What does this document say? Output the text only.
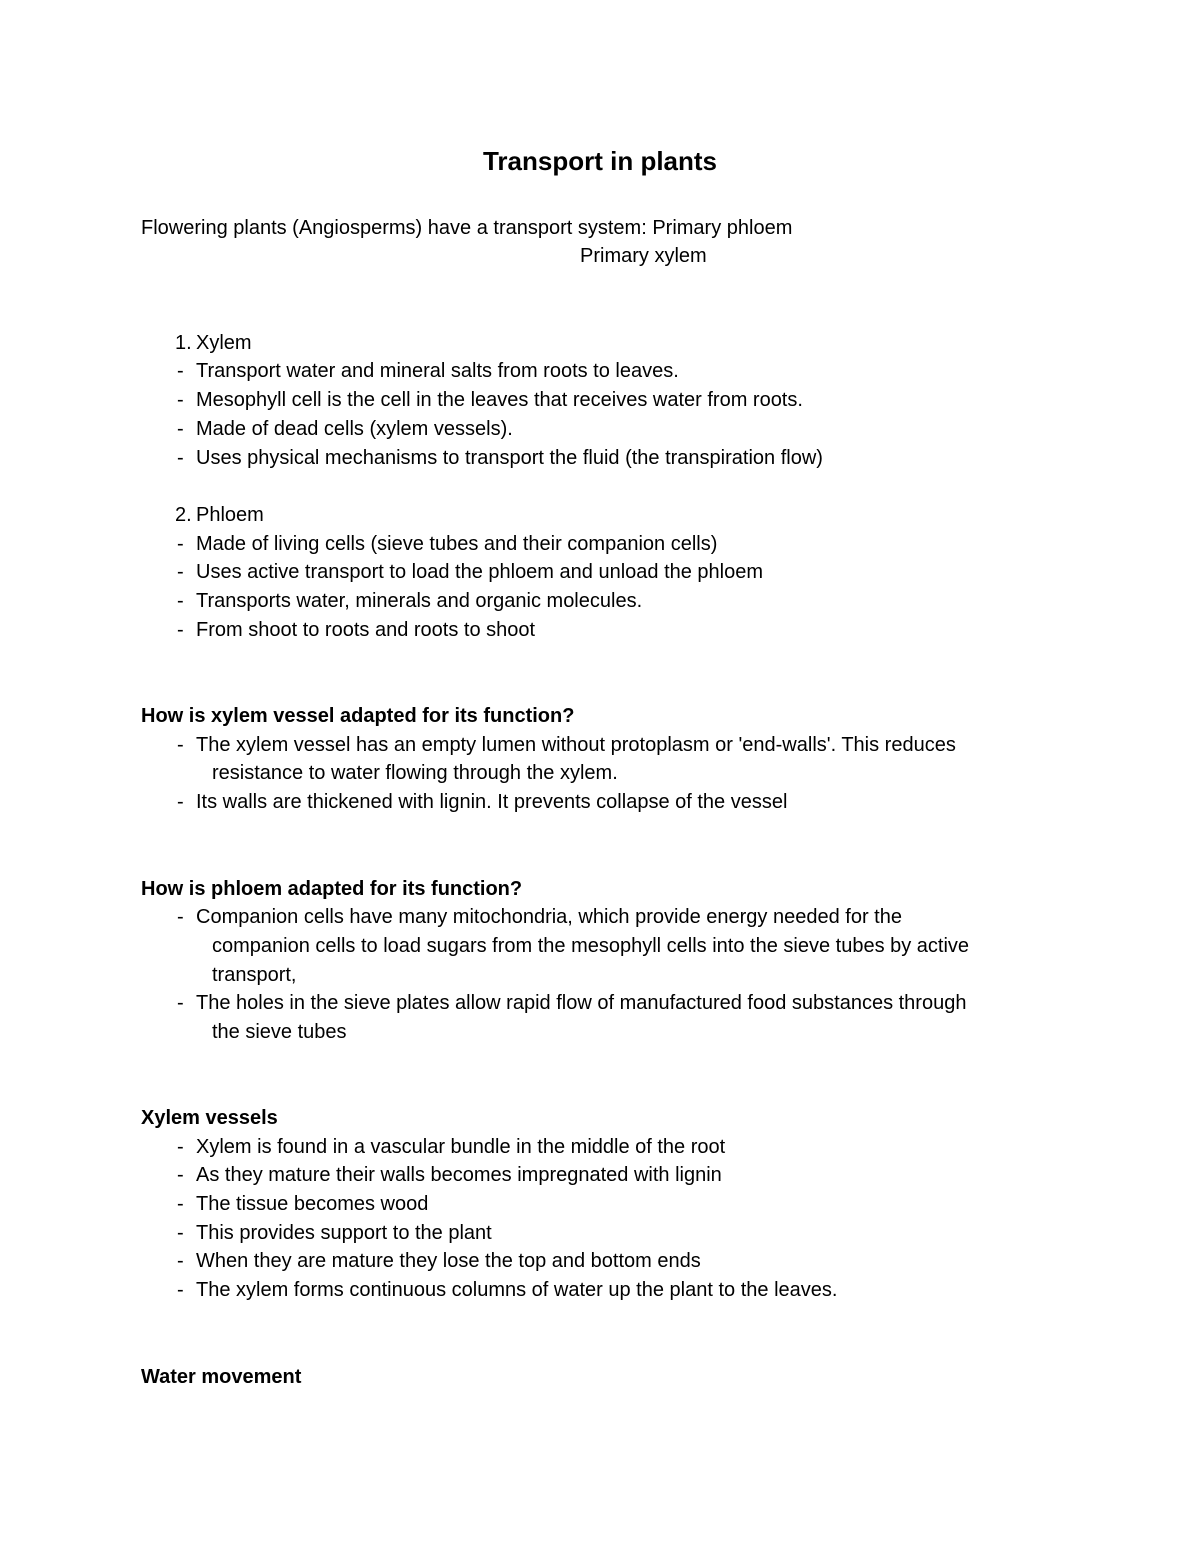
Transport in plants
Flowering plants (Angiosperms) have a transport system: Primary phloem
Primary xylem
1. Xylem
- Transport water and mineral salts from roots to leaves.
- Mesophyll cell is the cell in the leaves that receives water from roots.
- Made of dead cells (xylem vessels).
- Uses physical mechanisms to transport the fluid (the transpiration flow)
2. Phloem
- Made of living cells (sieve tubes and their companion cells)
- Uses active transport to load the phloem and unload the phloem
- Transports water, minerals and organic molecules.
- From shoot to roots and roots to shoot
How is xylem vessel adapted for its function?
- The xylem vessel has an empty lumen without protoplasm or 'end-walls'. This reduces
resistance to water flowing through the xylem.
- Its walls are thickened with lignin. It prevents collapse of the vessel
How is phloem adapted for its function?
- Companion cells have many mitochondria, which provide energy needed for the
companion cells to load sugars from the mesophyll cells into the sieve tubes by active
transport,
- The holes in the sieve plates allow rapid flow of manufactured food substances through
the sieve tubes
Xylem vessels
- Xylem is found in a vascular bundle in the middle of the root
- As they mature their walls becomes impregnated with lignin
- The tissue becomes wood
- This provides support to the plant
- When they are mature they lose the top and bottom ends
- The xylem forms continuous columns of water up the plant to the leaves.
Water movement
